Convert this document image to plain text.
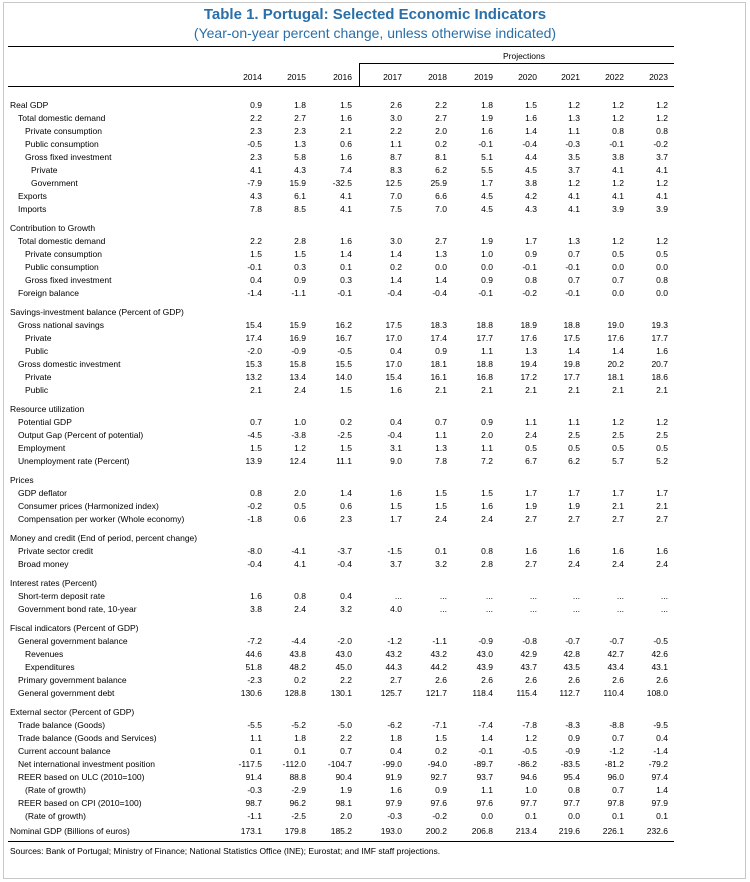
Table 1. Portugal: Selected Economic Indicators
(Year-on-year percent change, unless otherwise indicated)
Projections
2014	2015	2016	2017	2018	2019	2020	2021	2022	2023
Real GDP	0.9	1.8	1.5	2.6	2.2	1.8	1.5	1.2	1.2	1.2
Total domestic demand	2.2	2.7	1.6	3.0	2.7	1.9	1.6	1.3	1.2	1.2
Private consumption	2.3	2.3	2.1	2.2	2.0	1.6	1.4	1.1	0.8	0.8
Public consumption	-0.5	1.3	0.6	1.1	0.2	-0.1	-0.4	-0.3	-0.1	-0.2
Gross fixed investment	2.3	5.8	1.6	8.7	8.1	5.1	4.4	3.5	3.8	3.7
Private	4.1	4.3	7.4	8.3	6.2	5.5	4.5	3.7	4.1	4.1
Government	-7.9	15.9	-32.5	12.5	25.9	1.7	3.8	1.2	1.2	1.2
Exports	4.3	6.1	4.1	7.0	6.6	4.5	4.2	4.1	4.1	4.1
Imports	7.8	8.5	4.1	7.5	7.0	4.5	4.3	4.1	3.9	3.9
Contribution to Growth
Total domestic demand	2.2	2.8	1.6	3.0	2.7	1.9	1.7	1.3	1.2	1.2
Private consumption	1.5	1.5	1.4	1.4	1.3	1.0	0.9	0.7	0.5	0.5
Public consumption	-0.1	0.3	0.1	0.2	0.0	0.0	-0.1	-0.1	0.0	0.0
Gross fixed investment	0.4	0.9	0.3	1.4	1.4	0.9	0.8	0.7	0.7	0.8
Foreign balance	-1.4	-1.1	-0.1	-0.4	-0.4	-0.1	-0.2	-0.1	0.0	0.0
Savings-investment balance (Percent of GDP)
Gross national savings	15.4	15.9	16.2	17.5	18.3	18.8	18.9	18.8	19.0	19.3
Private	17.4	16.9	16.7	17.0	17.4	17.7	17.6	17.5	17.6	17.7
Public	-2.0	-0.9	-0.5	0.4	0.9	1.1	1.3	1.4	1.4	1.6
Gross domestic investment	15.3	15.8	15.5	17.0	18.1	18.8	19.4	19.8	20.2	20.7
Private	13.2	13.4	14.0	15.4	16.1	16.8	17.2	17.7	18.1	18.6
Public	2.1	2.4	1.5	1.6	2.1	2.1	2.1	2.1	2.1	2.1
Resource utilization
Potential GDP	0.7	1.0	0.2	0.4	0.7	0.9	1.1	1.1	1.2	1.2
Output Gap (Percent of potential)	-4.5	-3.8	-2.5	-0.4	1.1	2.0	2.4	2.5	2.5	2.5
Employment	1.5	1.2	1.5	3.1	1.3	1.1	0.5	0.5	0.5	0.5
Unemployment rate (Percent)	13.9	12.4	11.1	9.0	7.8	7.2	6.7	6.2	5.7	5.2
Prices
GDP deflator	0.8	2.0	1.4	1.6	1.5	1.5	1.7	1.7	1.7	1.7
Consumer prices (Harmonized index)	-0.2	0.5	0.6	1.5	1.5	1.6	1.9	1.9	2.1	2.1
Compensation per worker (Whole economy)	-1.8	0.6	2.3	1.7	2.4	2.4	2.7	2.7	2.7	2.7
Money and credit (End of period, percent change)
Private sector credit	-8.0	-4.1	-3.7	-1.5	0.1	0.8	1.6	1.6	1.6	1.6
Broad money	-0.4	4.1	-0.4	3.7	3.2	2.8	2.7	2.4	2.4	2.4
Interest rates (Percent)
Short-term deposit rate	1.6	0.8	0.4	...	...	...	...	...	...	...
Government bond rate, 10-year	3.8	2.4	3.2	4.0	...	...	...	...	...	...
Fiscal indicators (Percent of GDP)
General government balance	-7.2	-4.4	-2.0	-1.2	-1.1	-0.9	-0.8	-0.7	-0.7	-0.5
Revenues	44.6	43.8	43.0	43.2	43.2	43.0	42.9	42.8	42.7	42.6
Expenditures	51.8	48.2	45.0	44.3	44.2	43.9	43.7	43.5	43.4	43.1
Primary government balance	-2.3	0.2	2.2	2.7	2.6	2.6	2.6	2.6	2.6	2.6
General government debt	130.6	128.8	130.1	125.7	121.7	118.4	115.4	112.7	110.4	108.0
External sector (Percent of GDP)
Trade balance (Goods)	-5.5	-5.2	-5.0	-6.2	-7.1	-7.4	-7.8	-8.3	-8.8	-9.5
Trade balance (Goods and Services)	1.1	1.8	2.2	1.8	1.5	1.4	1.2	0.9	0.7	0.4
Current account balance	0.1	0.1	0.7	0.4	0.2	-0.1	-0.5	-0.9	-1.2	-1.4
Net international investment position	-117.5	-112.0	-104.7	-99.0	-94.0	-89.7	-86.2	-83.5	-81.2	-79.2
REER based on ULC (2010=100)	91.4	88.8	90.4	91.9	92.7	93.7	94.6	95.4	96.0	97.4
(Rate of growth)	-0.3	-2.9	1.9	1.6	0.9	1.1	1.0	0.8	0.7	1.4
REER based on CPI (2010=100)	98.7	96.2	98.1	97.9	97.6	97.6	97.7	97.7	97.8	97.9
(Rate of growth)	-1.1	-2.5	2.0	-0.3	-0.2	0.0	0.1	0.0	0.1	0.1
Nominal GDP (Billions of euros)	173.1	179.8	185.2	193.0	200.2	206.8	213.4	219.6	226.1	232.6
Sources: Bank of Portugal; Ministry of Finance; National Statistics Office (INE); Eurostat; and IMF staff projections.
